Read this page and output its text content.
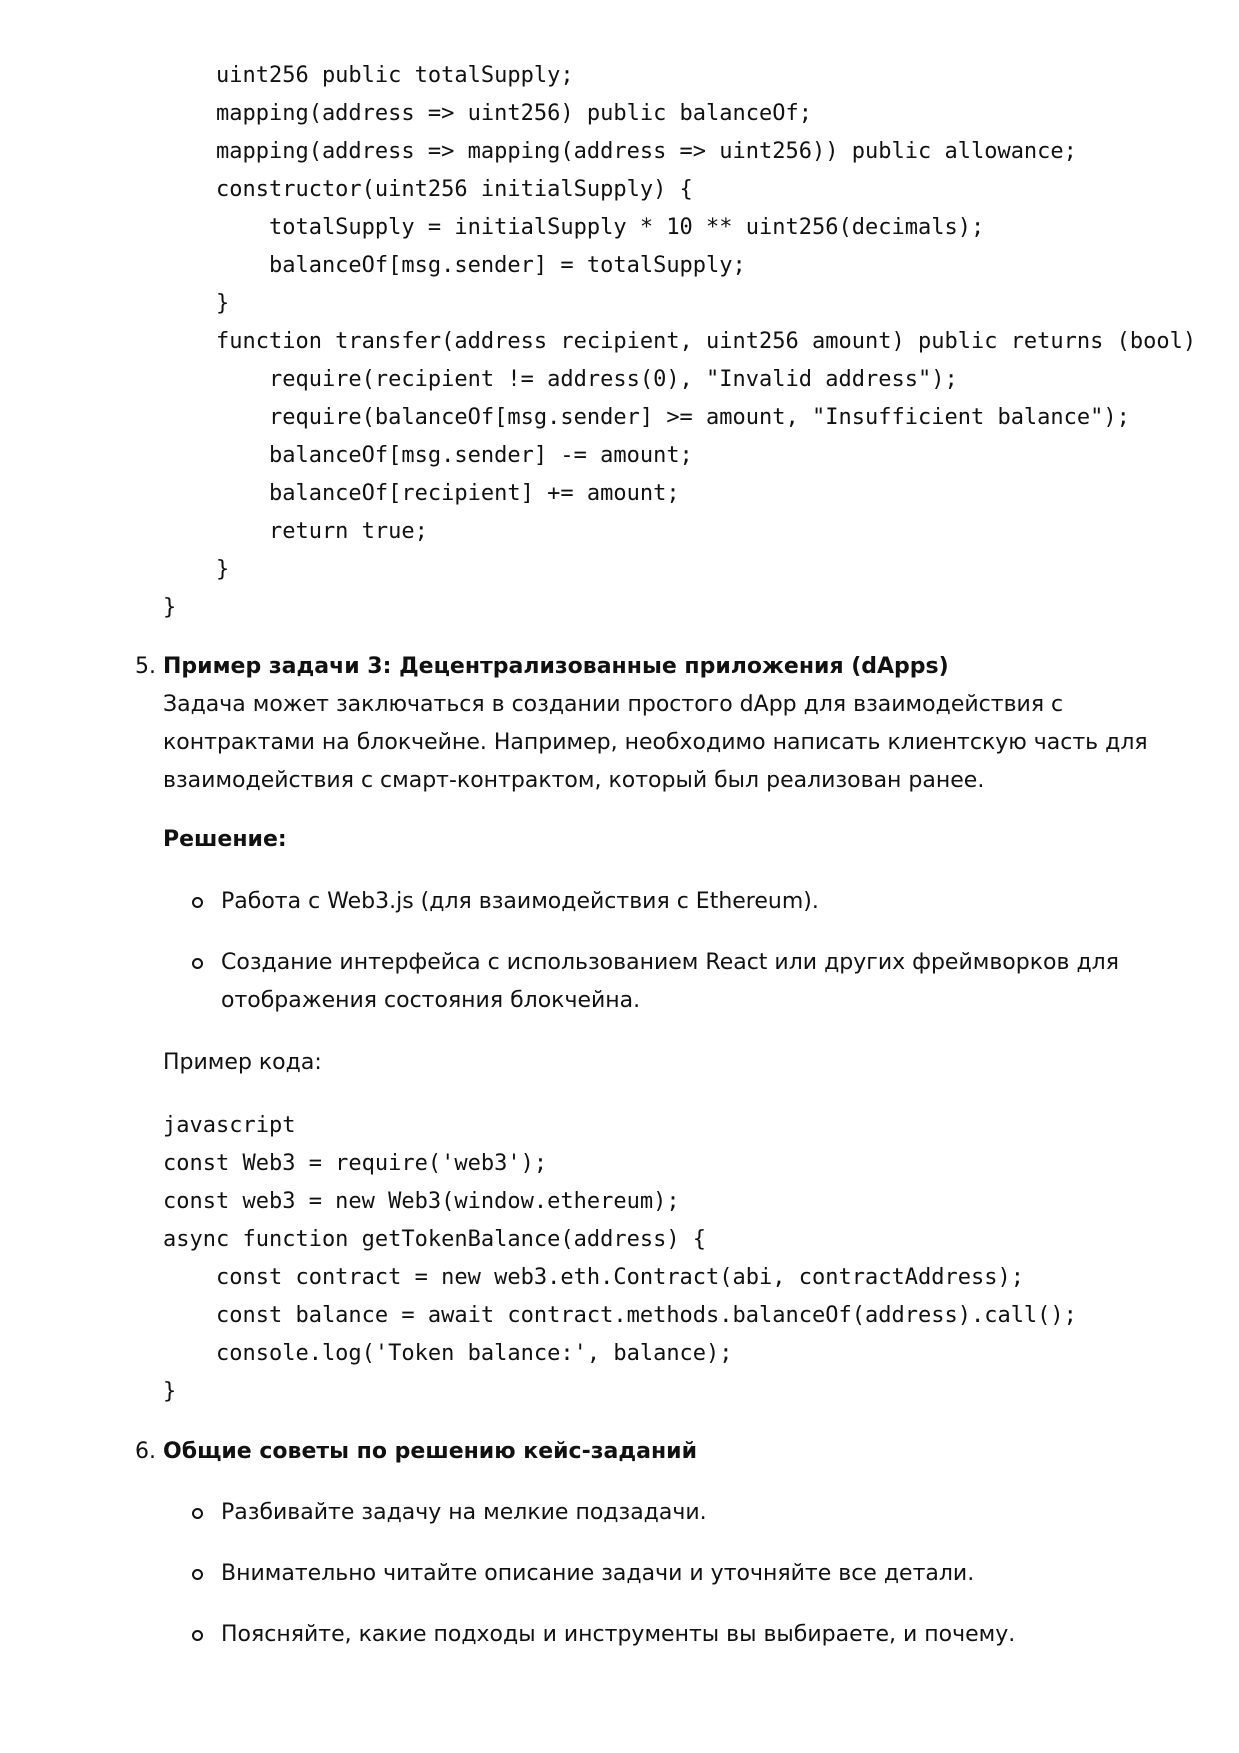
uint256 public totalSupply;
mapping(address => uint256) public balanceOf;
mapping(address => mapping(address => uint256)) public allowance;
constructor(uint256 initialSupply) {
totalSupply = initialSupply * 10 ** uint256(decimals);
balanceOf[msg.sender] = totalSupply;
}
function transfer(address recipient, uint256 amount) public returns (bool)
require(recipient != address(0), "Invalid address");
require(balanceOf[msg.sender] >= amount, "Insufficient balance");
balanceOf[msg.sender] -= amount;
balanceOf[recipient] += amount;
return true;
}
}
5. Пример задачи 3: Децентрализованные приложения (dApps)
Задача может заключаться в создании простого dApp для взаимодействия с
контрактами на блокчейне. Например, необходимо написать клиентскую часть для
взаимодействия с смарт-контрактом, который был реализован ранее.
Решение:
Работа с Web3.js (для взаимодействия с Ethereum).
Создание интерфейса с использованием React или других фреймворков для
отображения состояния блокчейна.
Пример кода:
javascript
const Web3 = require('web3');
const web3 = new Web3(window.ethereum);
async function getTokenBalance(address) {
const contract = new web3.eth.Contract(abi, contractAddress);
const balance = await contract.methods.balanceOf(address).call();
console.log('Token balance:', balance);
}
6. Общие советы по решению кейс-заданий
Разбивайте задачу на мелкие подзадачи.
Внимательно читайте описание задачи и уточняйте все детали.
Поясняйте, какие подходы и инструменты вы выбираете, и почему.
